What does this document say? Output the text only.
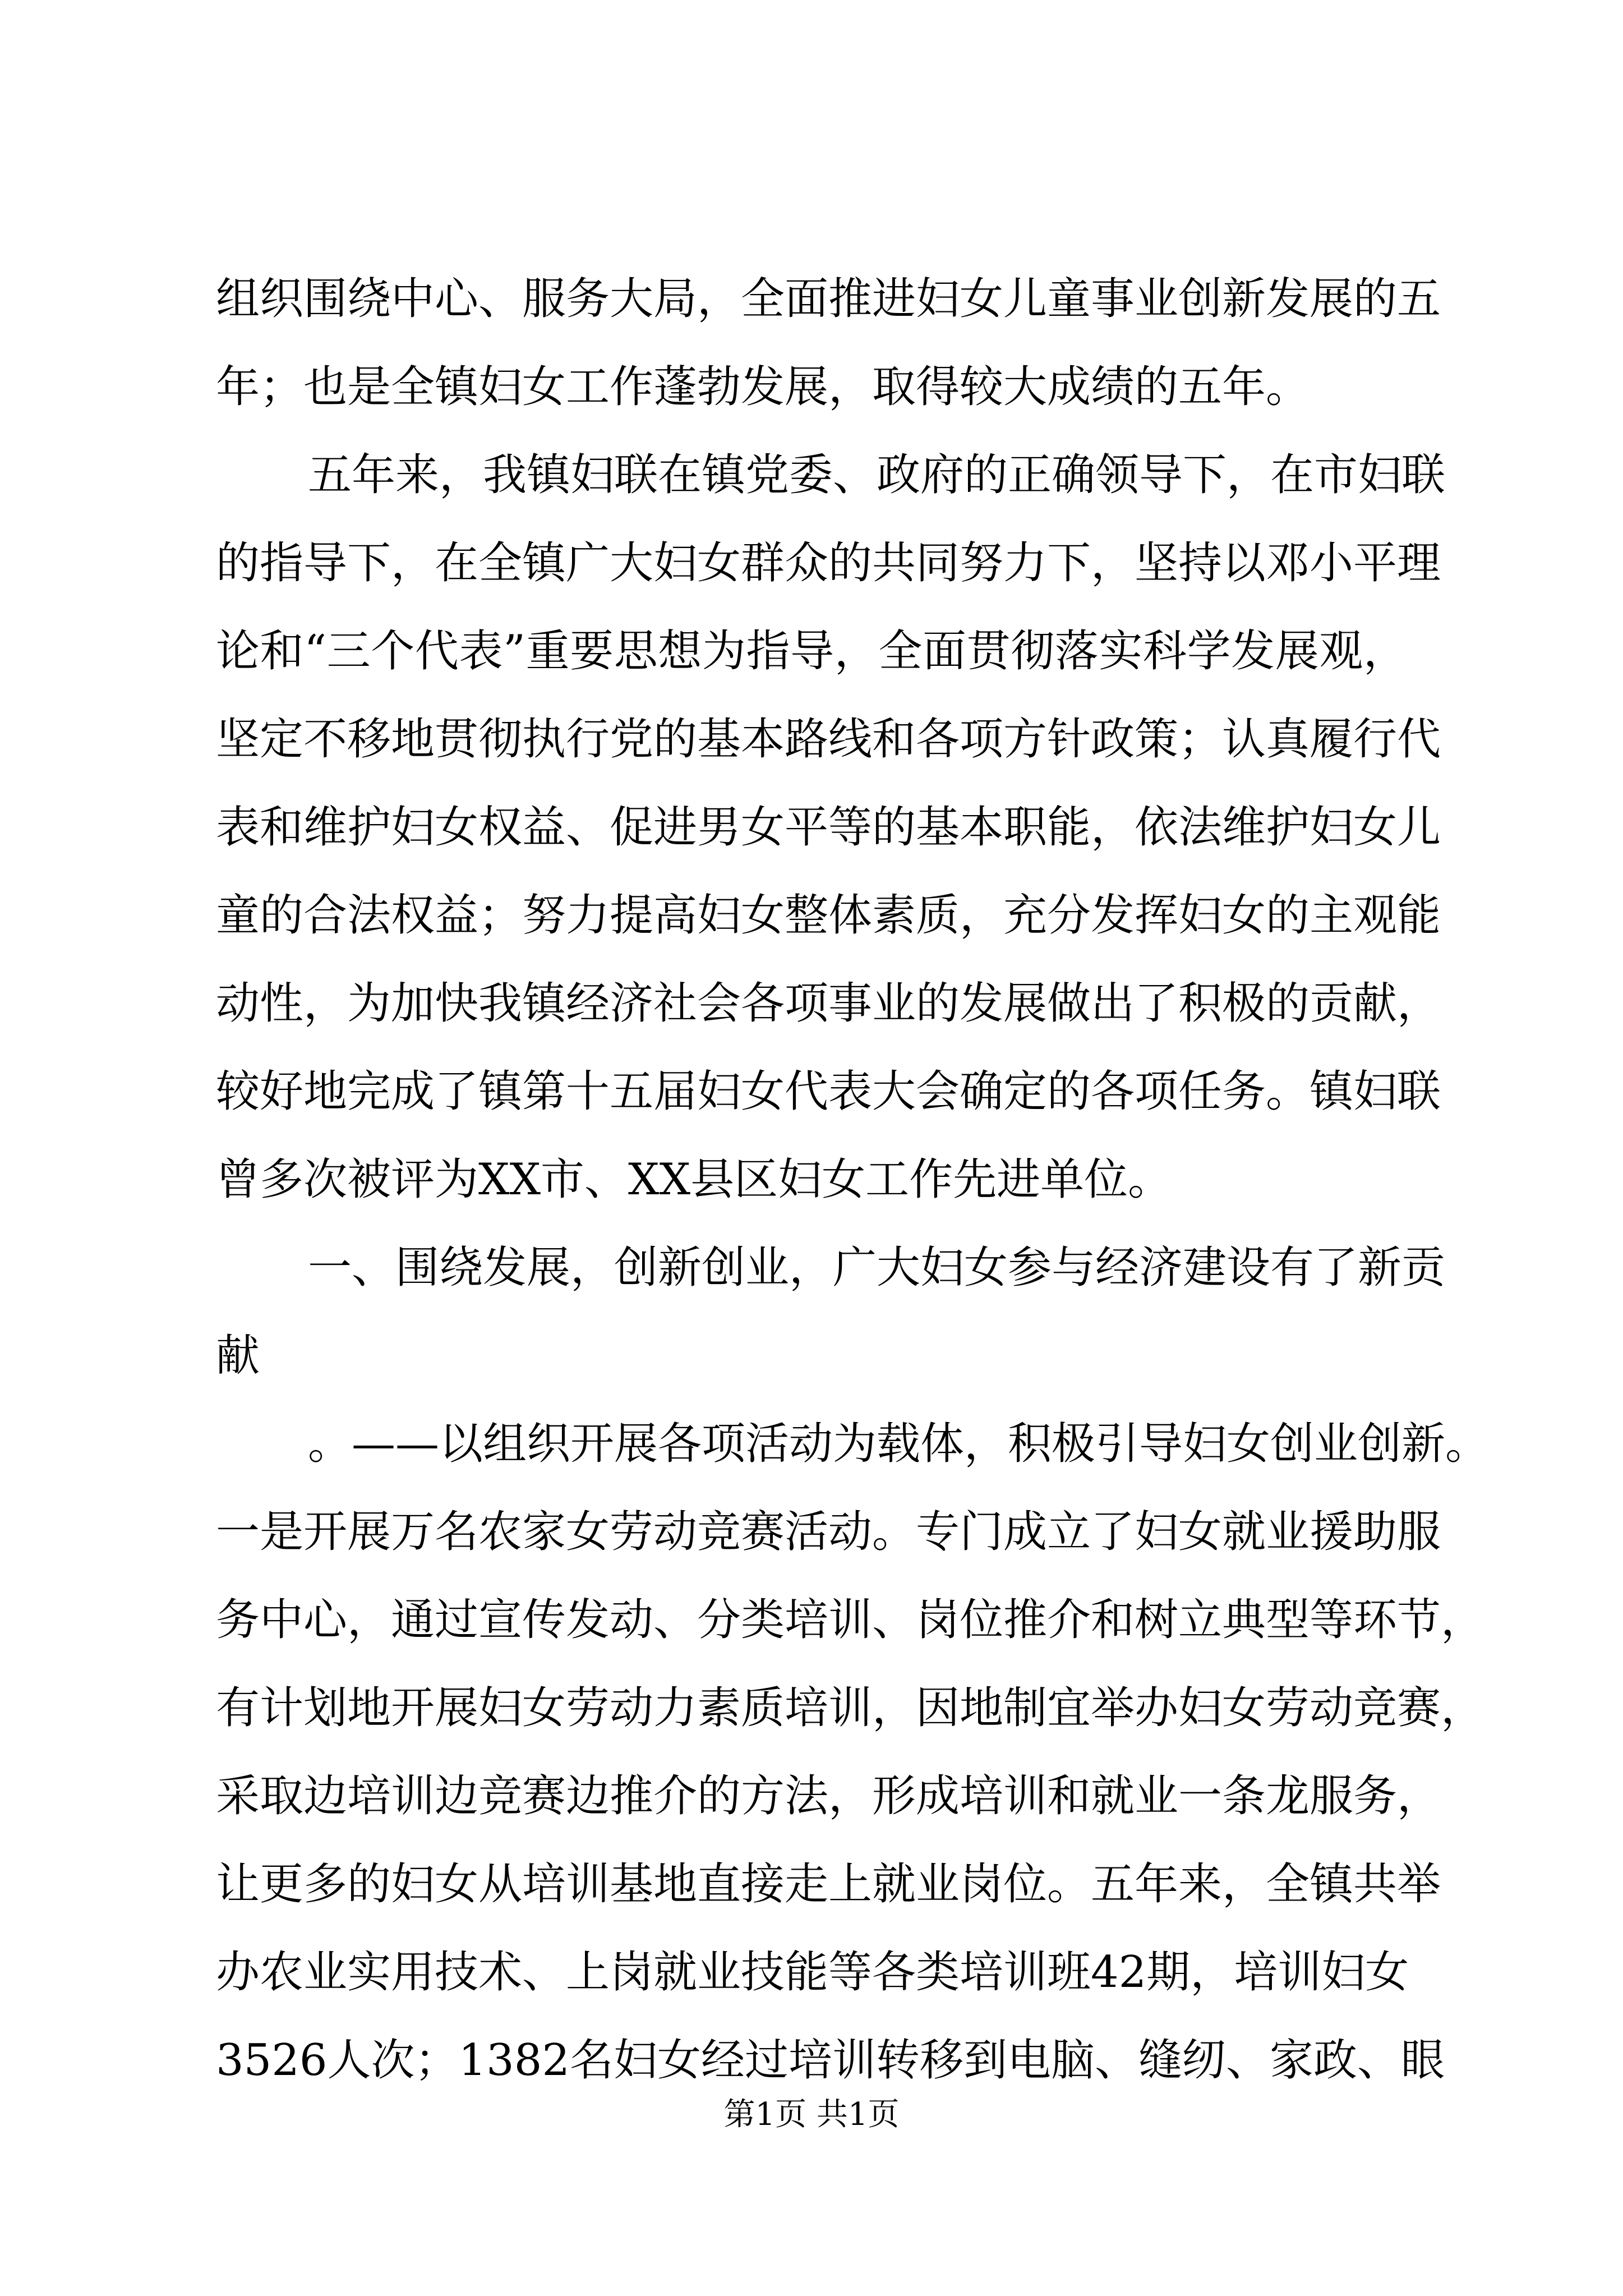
组织围绕中心、服务大局，全面推进妇女儿童事业创新发展的五
年；也是全镇妇女工作蓬勃发展，取得较大成绩的五年。
五年来，我镇妇联在镇党委、政府的正确领导下，在市妇联
的指导下，在全镇广大妇女群众的共同努力下，坚持以邓小平理
论和“三个代表”重要思想为指导，全面贯彻落实科学发展观，
坚定不移地贯彻执行党的基本路线和各项方针政策；认真履行代
表和维护妇女权益、促进男女平等的基本职能，依法维护妇女儿
童的合法权益；努力提高妇女整体素质，充分发挥妇女的主观能
动性，为加快我镇经济社会各项事业的发展做出了积极的贡献，
较好地完成了镇第十五届妇女代表大会确定的各项任务。镇妇联
曾多次被评为XX市、XX县区妇女工作先进单位。
一、围绕发展，创新创业，广大妇女参与经济建设有了新贡
献
。——以组织开展各项活动为载体，积极引导妇女创业创新。
一是开展万名农家女劳动竞赛活动。专门成立了妇女就业援助服
务中心，通过宣传发动、分类培训、岗位推介和树立典型等环节，
有计划地开展妇女劳动力素质培训，因地制宜举办妇女劳动竞赛，
采取边培训边竞赛边推介的方法，形成培训和就业一条龙服务，
让更多的妇女从培训基地直接走上就业岗位。五年来，全镇共举
办农业实用技术、上岗就业技能等各类培训班42期，培训妇女
3526人次；1382名妇女经过培训转移到电脑、缝纫、家政、眼
第1页 共1页
